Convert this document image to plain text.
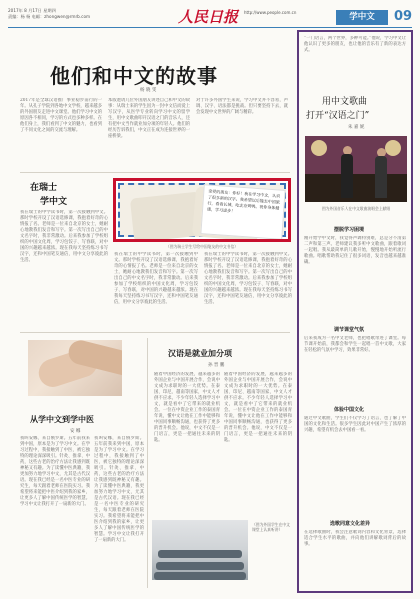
2017年 8 月17日 星期四
责编：杨 杨 电邮：zhongwen@rmrb.com	人民日报 http://www.people.com.cn	学中文	09
他们和中文的故事
杨 晓 雯

2017年是全球汉语推广事业稳步前行的一年。从孔子学院到各地中文学校，越来越多的外国朋友走进中文课堂。他们学习中文的原因各不相同，学习的方式也多种多样。在他们身上，我们看到了中文的魅力，也看到了不同文化之间的交流与理解。

本版邀请几位外国朋友讲述自己和中文的故事：从瑞士来的学生因为一封中文信而爱上写汉字，从医学专业转向学习中文的留学生，用中文歌曲叩开汉语之门的音乐人，还有把中文当作就业加分项的年轻人。他们的经历告诉我们，中文正在成为连接世界的一座桥梁。

对于许多外国学生来说，学习中文并不容易，声调、汉字、语法都是挑战。但只要坚持下去，就会发现中文世界的广阔与精彩。

在瑞士
学中文

我在瑞士的中学读书时，第一次接触到中文。那时学校开设了汉语选修课，我抱着好奇的心情报了名。老师是一位来自北京的女士，她耐心地教我们发音和写字。第一次写出自己的中文名字时，我非常激动。后来我参加了学校组织的中国文化周，学习包饺子、写春联，对中国的兴趣越来越浓。现在我每天坚持练习书写汉字，还和中国笔友通信，用中文分享彼此的生活。

亲爱的朋友：你好！我在学习中文，认识了很多新的汉字。我希望以后能去中国旅行，看看长城，吃北京烤鸭。祝你身体健康，学习进步！
（图为瑞士学生写给中国笔友的中文书信）

我在瑞士的中学读书时，第一次接触到中文。那时学校开设了汉语选修课，我抱着好奇的心情报了名。老师是一位来自北京的女士，她耐心地教我们发音和写字。第一次写出自己的中文名字时，我非常激动。后来我参加了学校组织的中国文化周，学习包饺子、写春联，对中国的兴趣越来越浓。现在我每天坚持练习书写汉字，还和中国笔友通信，用中文分享彼此的生活。

我在瑞士的中学读书时，第一次接触到中文。那时学校开设了汉语选修课，我抱着好奇的心情报了名。老师是一位来自北京的女士，她耐心地教我们发音和写字。第一次写出自己的中文名字时，我非常激动。后来我参加了学校组织的中国文化周，学习包饺子、写春联，对中国的兴趣越来越浓。现在我每天坚持练习书写汉字，还和中国笔友通信，用中文分享彼此的生活。

从学中文到学中医
安 娜

我叫安娜，来自俄罗斯。五年前我来到中国，原本是为了学习中文。在学习过程中，我接触到了中医，被它独特的理论深深吸引。针灸、推拿、中药，这些古老的治疗方法让我感到既神秘又有趣。为了读懂中医典籍，我更加努力地学习中文，尤其是古代汉语。现在我已经是一名中医专业的研究生，每天跟着老师在医院实习。我希望将来能把中医介绍到我的家乡，让更多人了解中国传统医学的智慧。学习中文让我打开了一扇新的大门。

我叫安娜，来自俄罗斯。五年前我来到中国，原本是为了学习中文。在学习过程中，我接触到了中医，被它独特的理论深深吸引。针灸、推拿、中药，这些古老的治疗方法让我感到既神秘又有趣。为了读懂中医典籍，我更加努力地学习中文，尤其是古代汉语。现在我已经是一名中医专业的研究生，每天跟着老师在医院实习。我希望将来能把中医介绍到我的家乡，让更多人了解中国传统医学的智慧。学习中文让我打开了一扇新的大门。

汉语是就业加分项
孙 晋 鹏

随着中国经济的发展，越来越多的外国企业与中国开展合作，会说中文成为求职时的一大优势。在泰国、印尼、越南等国家，中文人才供不应求。不少年轻人选择学习中文，就是看中了它带来的就业机会。一位在中资企业工作的泰国青年说，懂中文让他在工作中能够和中国同事顺畅沟通，也获得了更多的晋升机会。他说，中文不仅是一门语言，更是一把通往未来的钥匙。

随着中国经济的发展，越来越多的外国企业与中国开展合作，会说中文成为求职时的一大优势。在泰国、印尼、越南等国家，中文人才供不应求。不少年轻人选择学习中文，就是看中了它带来的就业机会。一位在中资企业工作的泰国青年说，懂中文让他在工作中能够和中国同事顺畅沟通，也获得了更多的晋升机会。他说，中文不仅是一门语言，更是一把通往未来的钥匙。

（图为外国学生在中文课堂上认真听讲）

“一门语言，两个世界，多种可能。”他说，学习中文让他认识了更多的朋友，也让他的音乐有了新的表达方式。

用中文歌曲
打开“汉语之门”
朱 嘉 妮
图为外国音乐人在中文歌曲演唱会上献唱
摆脱学习困境

刚开始学中文时，我觉得声调特别难，总是分不清第二声和第三声。老师建议我多听中文歌曲，跟着歌词一起唱。我从最简单的儿歌开始，慢慢地开始听流行歌曲。唱歌帮助我记住了很多词语，发音也越来越准确。

调节课堂气氛

后来我成为一名中文老师，也把唱歌带进了课堂。每节课开始前，我都会和学生一起唱一首中文歌，大家在轻松的气氛中学习，效果非常好。

体验中国文化

通过中文歌曲，学生们不仅学习了语言，也了解了中国的文化和生活。很多学生因此对中国产生了浓厚的兴趣，希望有机会去中国看一看。

选歌同意文化差异

在选择歌曲时，我会注意歌词内容和文化背景，选择适合学生水平的歌曲，并向他们讲解歌词背后的故事。
